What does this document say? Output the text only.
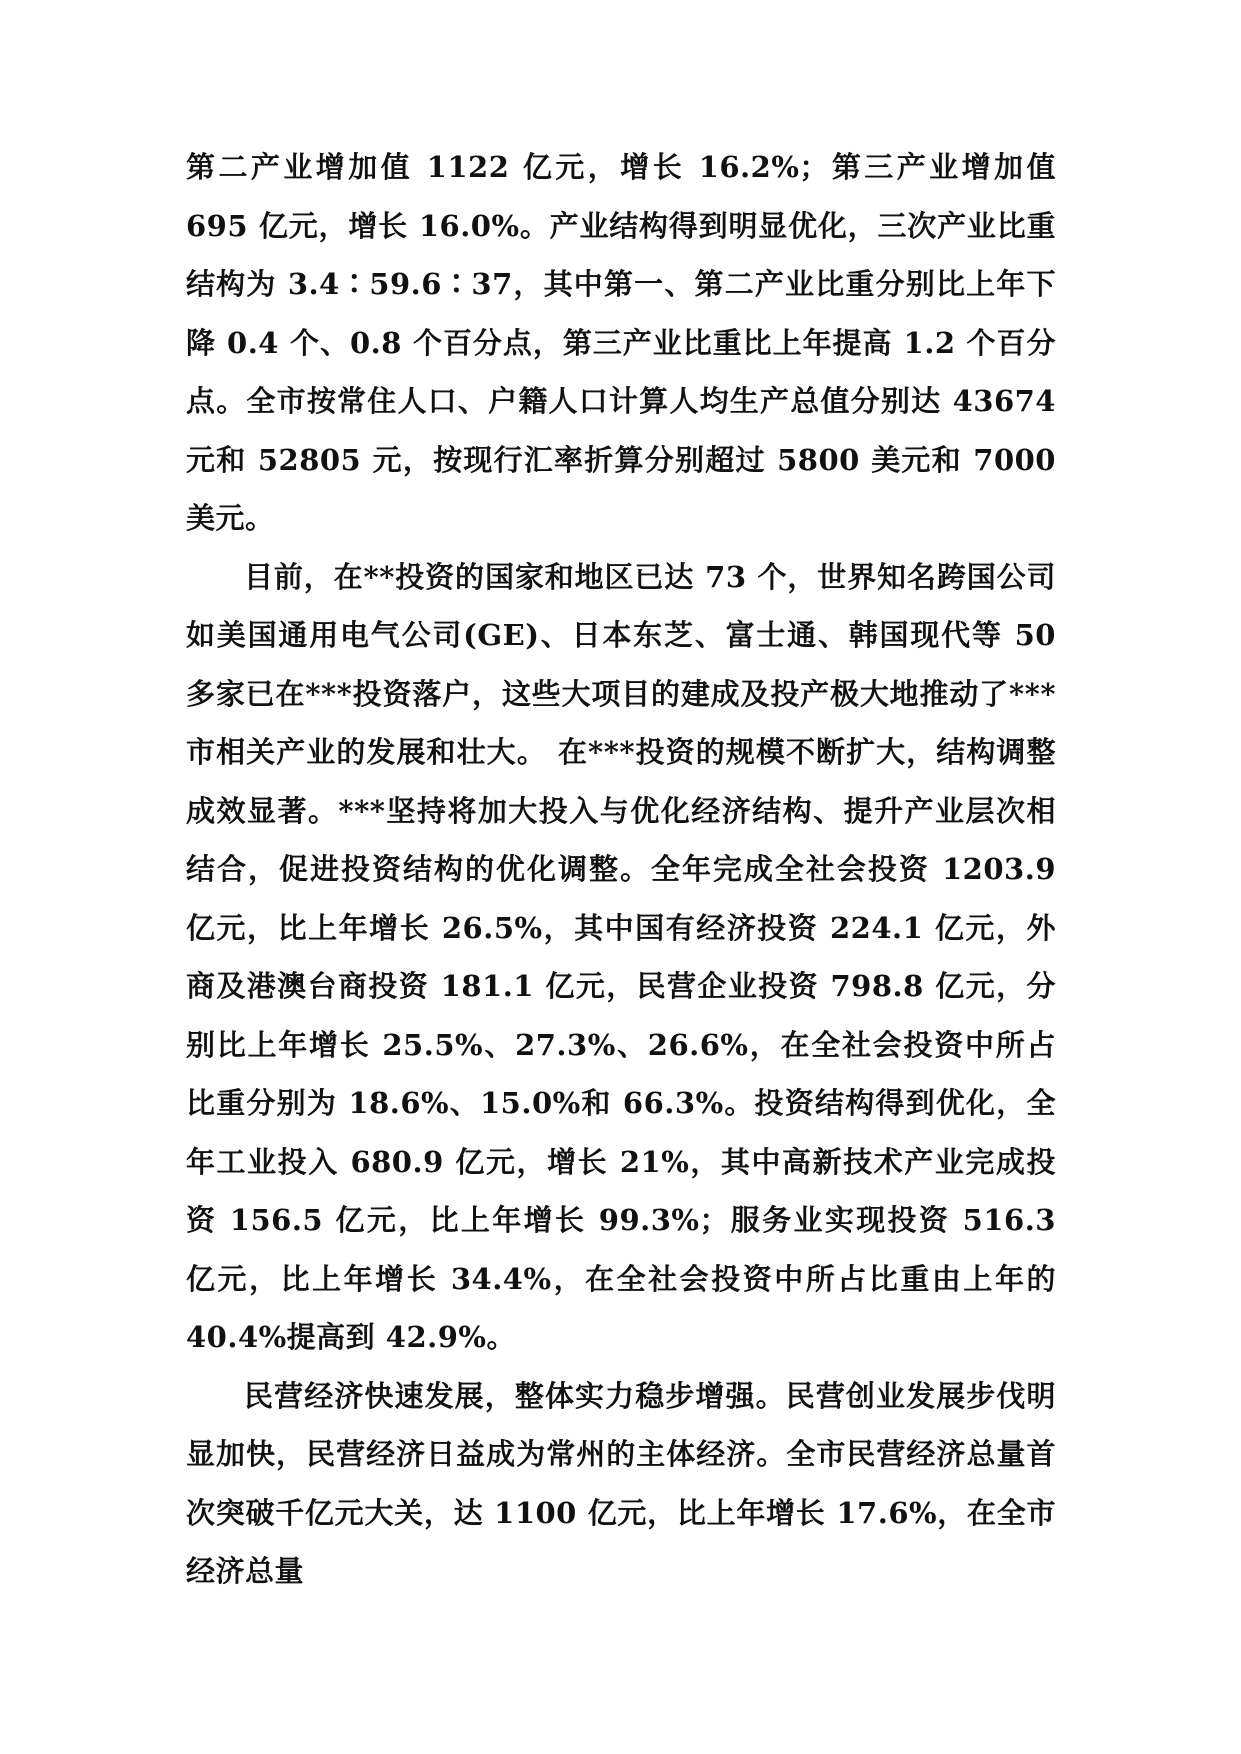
第二产业增加值 1122 亿元，增长 16.2%；第三产业增加值 695 亿元，增长 16.0%。产业结构得到明显优化，三次产业比重结构为 3.4∶59.6∶37，其中第一、第二产业比重分别比上年下降 0.4 个、0.8 个百分点，第三产业比重比上年提高 1.2 个百分点。全市按常住人口、户籍人口计算人均生产总值分别达 43674 元和 52805 元，按现行汇率折算分别超过 5800 美元和 7000 美元。

目前，在**投资的国家和地区已达 73 个，世界知名跨国公司如美国通用电气公司(GE)、日本东芝、富士通、韩国现代等 50 多家已在***投资落户，这些大项目的建成及投产极大地推动了***市相关产业的发展和壮大。 在***投资的规模不断扩大，结构调整成效显著。***坚持将加大投入与优化经济结构、提升产业层次相结合，促进投资结构的优化调整。全年完成全社会投资 1203.9 亿元，比上年增长 26.5%，其中国有经济投资 224.1 亿元，外商及港澳台商投资 181.1 亿元，民营企业投资 798.8 亿元，分别比上年增长 25.5%、27.3%、26.6%，在全社会投资中所占比重分别为 18.6%、15.0%和 66.3%。投资结构得到优化，全年工业投入 680.9 亿元，增长 21%，其中高新技术产业完成投资 156.5 亿元，比上年增长 99.3%；服务业实现投资 516.3 亿元，比上年增长 34.4%，在全社会投资中所占比重由上年的 40.4%提高到 42.9%。

民营经济快速发展，整体实力稳步增强。民营创业发展步伐明显加快，民营经济日益成为常州的主体经济。全市民营经济总量首次突破千亿元大关，达 1100 亿元，比上年增长 17.6%，在全市经济总量
